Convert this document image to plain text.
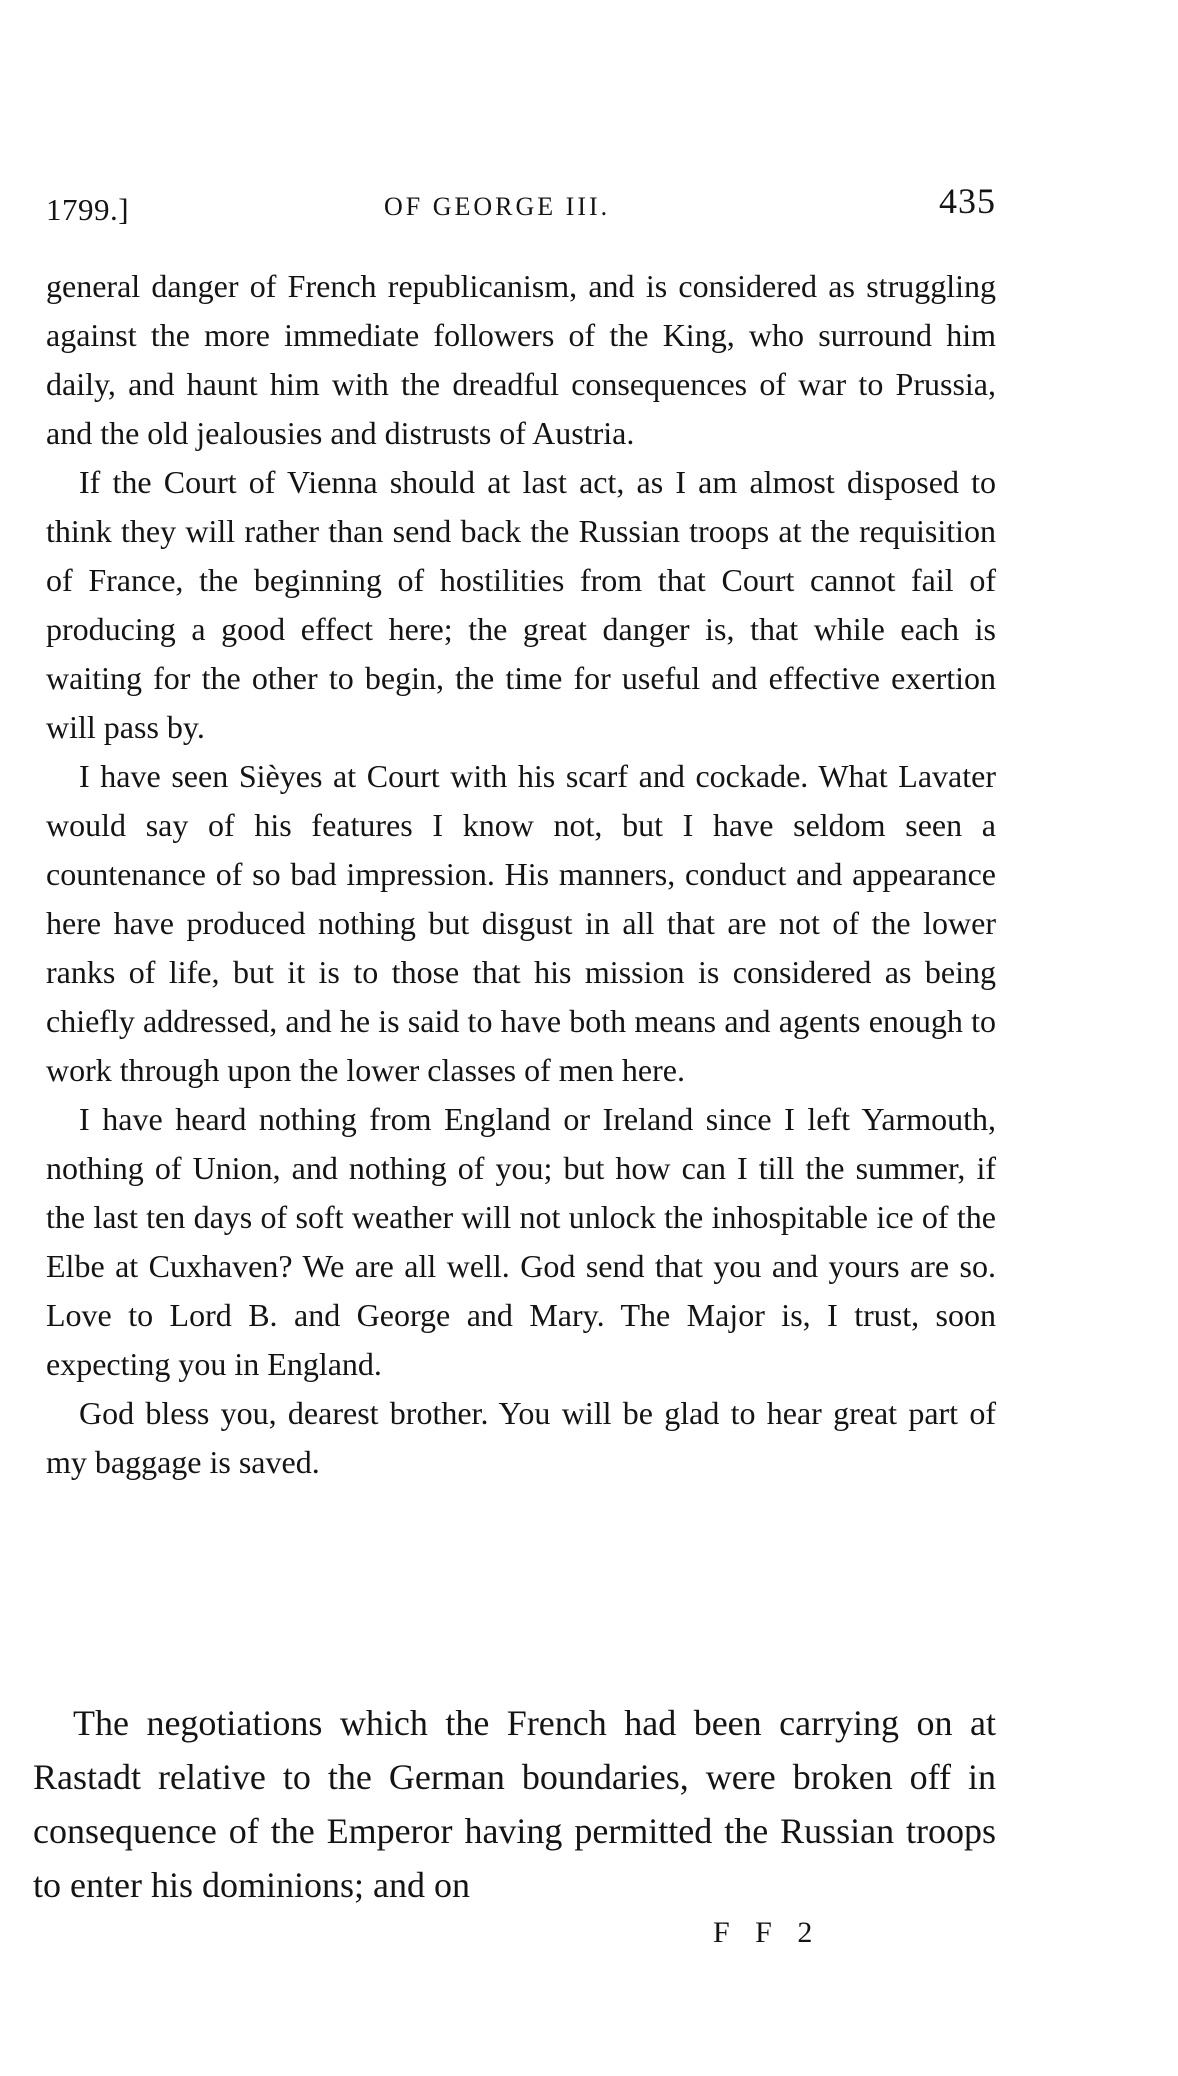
1799.]	OF GEORGE III.	435

general danger of French republicanism, and is considered as struggling against the more immediate followers of the King, who surround him daily, and haunt him with the dreadful consequences of war to Prussia, and the old jealousies and distrusts of Austria.

If the Court of Vienna should at last act, as I am almost disposed to think they will rather than send back the Russian troops at the requisition of France, the beginning of hostilities from that Court cannot fail of producing a good effect here; the great danger is, that while each is waiting for the other to begin, the time for useful and effective exertion will pass by.

I have seen Sièyes at Court with his scarf and cockade. What Lavater would say of his features I know not, but I have seldom seen a countenance of so bad impression. His manners, conduct and appearance here have produced nothing but disgust in all that are not of the lower ranks of life, but it is to those that his mission is considered as being chiefly addressed, and he is said to have both means and agents enough to work through upon the lower classes of men here.

I have heard nothing from England or Ireland since I left Yarmouth, nothing of Union, and nothing of you; but how can I till the summer, if the last ten days of soft weather will not unlock the inhospitable ice of the Elbe at Cuxhaven? We are all well. God send that you and yours are so. Love to Lord B. and George and Mary. The Major is, I trust, soon expecting you in England.

God bless you, dearest brother. You will be glad to hear great part of my baggage is saved.

The negotiations which the French had been carrying on at Rastadt relative to the German boundaries, were broken off in consequence of the Emperor having permitted the Russian troops to enter his dominions; and on

F F 2
